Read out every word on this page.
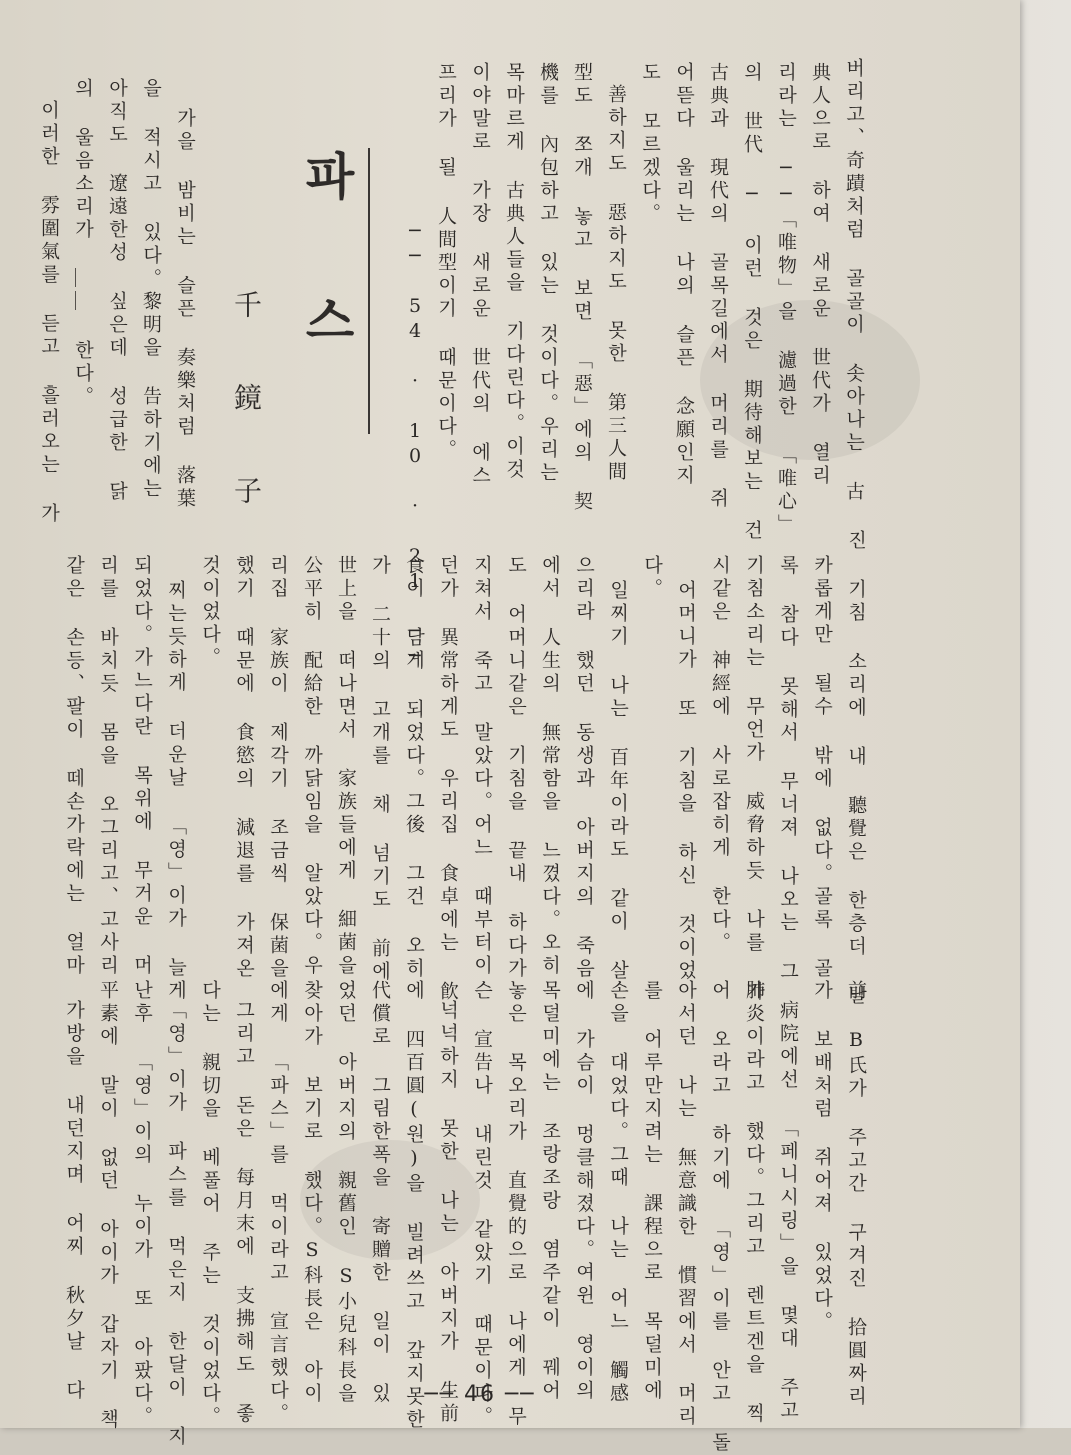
버리고、奇蹟처럼 골골이 솟아나는 古
典人으로 하여 새로운 世代가 열리
리라는 ──「唯物」을 濾過한 「唯心」
의 世代 ─ 이런 것은 期待해보는 건
古典과 現代의 골목길에서 머리를 쥐
어뜯다 울리는 나의 슬픈 念願인지
도 모르겠다。
善하지도 惡하지도 못한 第三人間
型도 쪼개 놓고 보면 「惡」에의 契
機를 內包하고 있는 것이다。우리는
목마르게 古典人들을 기다린다。이것
이야말로 가장 새로운 世代의 에스
프리가 될 人間型이기 때문이다。
── 54 · 10 · 21 ──
파 스
千 鏡 子
가을 밤비는 슬픈 奏樂처럼 落葉
을 적시고 있다。黎明을 告하기에는
아직도 遼遠한성 싶은데 성급한 닭
의 울음소리가 ＿＿ 한다。
이러한 雰圍氣를 듣고 흘러오는 가
진 기침 소리에 내 聽覺은 한층더 날
카롭게만 될수 밖에 없다。골록 골
록 참다 못해서 무너져 나오는 그
기침소리는 무언가 威脅하듯 나를 가
시같은 神經에 사로잡히게 한다。
어머니가 또 기침을 하신 것이었
다。
일찌기 나는 百年이라도 같이 살
으리라 했던 동생과 아버지의 죽음
에서 人生의 無常함을 느꼈다。오히
도 어머니같은 기침을 끝내 하다가
지쳐서 죽고 말았다。어느 때부터이
던가 異常하게도 우리집 食卓에는 飮
食이 남게 되었다。그後 그건 오히
가 二十의 고개를 채 넘기도 前에
世上을 떠나면서 家族들에게 細菌을
公平히 配給한 까닭임을 알았다。우
리집 家族이 제각기 조금씩 保菌을
했기 때문에 食慾의 減退를 가져온
것이었다。
찌는듯하게 더운날 「영」이가 늘게
되었다。가느다란 목위에 무거운 머
리를 바치듯 몸을 오그리고、고사리
같은 손등、팔이 떼손가락에는 얼마
前 B氏가 주고간 구겨진 拾圓짜리
가 보배처럼 쥐어져 있었다。
病院에선 「페니시링」을 몇대 주고
肺炎이라고 했다。그리고 렌트겐을 찍
어 오라고 하기에 「영」이를 안고 돌
아서던 나는 無意識한 慣習에서 머리
를 어루만지려는 課程으로 목덜미에
손을 대었다。그때 나는 어느 觸感
에 가슴이 멍클해졌다。여윈 영이의
목덜미에는 조랑조랑 염주같이 꿰어
놓은 목오리가 直覺的으로 나에게 무
슨 宣告나 내린것 같았기 때문이다。
넉넉하지 못한 나는 아버지가 生前
에 四百圓(원)을 빌려쓰고 갚지못한
代償로 그림한폭을 寄贈한 일이 있
었던 아버지의 親舊인 S小兒科長을
찾아가 보기로 했다。S科長은 아이
에게 「파스」를 먹이라고 宣言했다。
그리고 돈은 每月末에 支拂해도 좋
다는 親切을 베풀어 주는 것이었다。
「영」이가 파스를 먹은지 한달이 지
난후 「영」이의 누이가 또 아팠다。
平素에 말이 없던 아이가 갑자기 책
가방을 내던지며 어찌 秋夕날 다	── 46 ──
